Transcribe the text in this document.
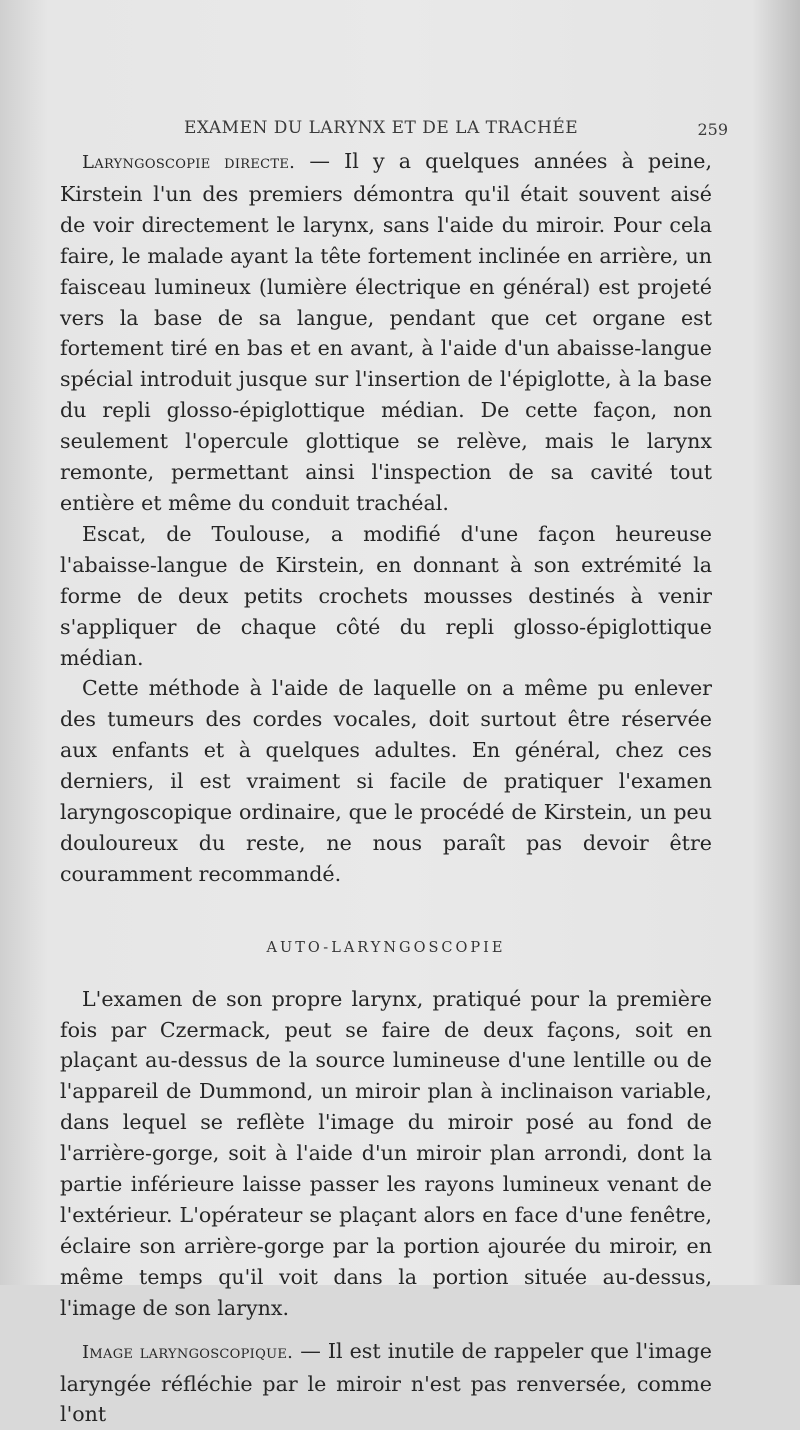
EXAMEN DU LARYNX ET DE LA TRACHÉE	259

Laryngoscopie directe. — Il y a quelques années à peine, Kirstein l'un des premiers démontra qu'il était souvent aisé de voir directement le larynx, sans l'aide du miroir. Pour cela faire, le malade ayant la tête fortement inclinée en arrière, un faisceau lumineux (lumière électrique en général) est projeté vers la base de sa langue, pendant que cet organe est fortement tiré en bas et en avant, à l'aide d'un abaisse-langue spécial introduit jusque sur l'insertion de l'épiglotte, à la base du repli glosso-épiglottique médian. De cette façon, non seulement l'opercule glottique se relève, mais le larynx remonte, permettant ainsi l'inspection de sa cavité tout entière et même du conduit trachéal.

Escat, de Toulouse, a modifié d'une façon heureuse l'abaisse-langue de Kirstein, en donnant à son extrémité la forme de deux petits crochets mousses destinés à venir s'appliquer de chaque côté du repli glosso-épiglottique médian.

Cette méthode à l'aide de laquelle on a même pu enlever des tumeurs des cordes vocales, doit surtout être réservée aux enfants et à quelques adultes. En général, chez ces derniers, il est vraiment si facile de pratiquer l'examen laryngoscopique ordinaire, que le procédé de Kirstein, un peu douloureux du reste, ne nous paraît pas devoir être couramment recommandé.

AUTO-LARYNGOSCOPIE

L'examen de son propre larynx, pratiqué pour la première fois par Czermack, peut se faire de deux façons, soit en plaçant au-dessus de la source lumineuse d'une lentille ou de l'appareil de Dummond, un miroir plan à inclinaison variable, dans lequel se reflète l'image du miroir posé au fond de l'arrière-gorge, soit à l'aide d'un miroir plan arrondi, dont la partie inférieure laisse passer les rayons lumineux venant de l'extérieur. L'opérateur se plaçant alors en face d'une fenêtre, éclaire son arrière-gorge par la portion ajourée du miroir, en même temps qu'il voit dans la portion située au-dessus, l'image de son larynx.

Image laryngoscopique. — Il est inutile de rappeler que l'image laryngée réfléchie par le miroir n'est pas renversée, comme l'ont
